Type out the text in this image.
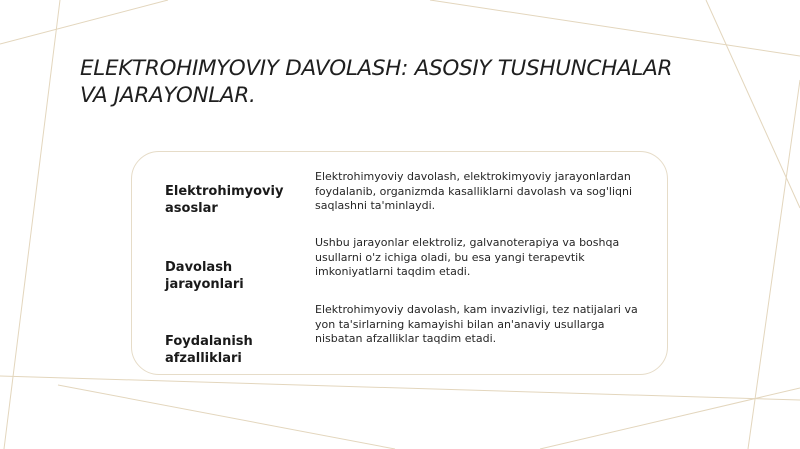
ELEKTROHIMYOVIY DAVOLASH: ASOSIY TUSHUNCHALAR VA JARAYONLAR.

Elektrohimyoviy asoslar

Elektrohimyoviy davolash, elektrokimyoviy jarayonlardan foydalanib, organizmda kasalliklarni davolash va sog'liqni saqlashni ta'minlaydi.

Davolash jarayonlari

Ushbu jarayonlar elektroliz, galvanoterapiya va boshqa usullarni o'z ichiga oladi, bu esa yangi terapevtik imkoniyatlarni taqdim etadi.

Foydalanish afzalliklari

Elektrohimyoviy davolash, kam invazivligi, tez natijalari va yon ta'sirlarning kamayishi bilan an'anaviy usullarga nisbatan afzalliklar taqdim etadi.
